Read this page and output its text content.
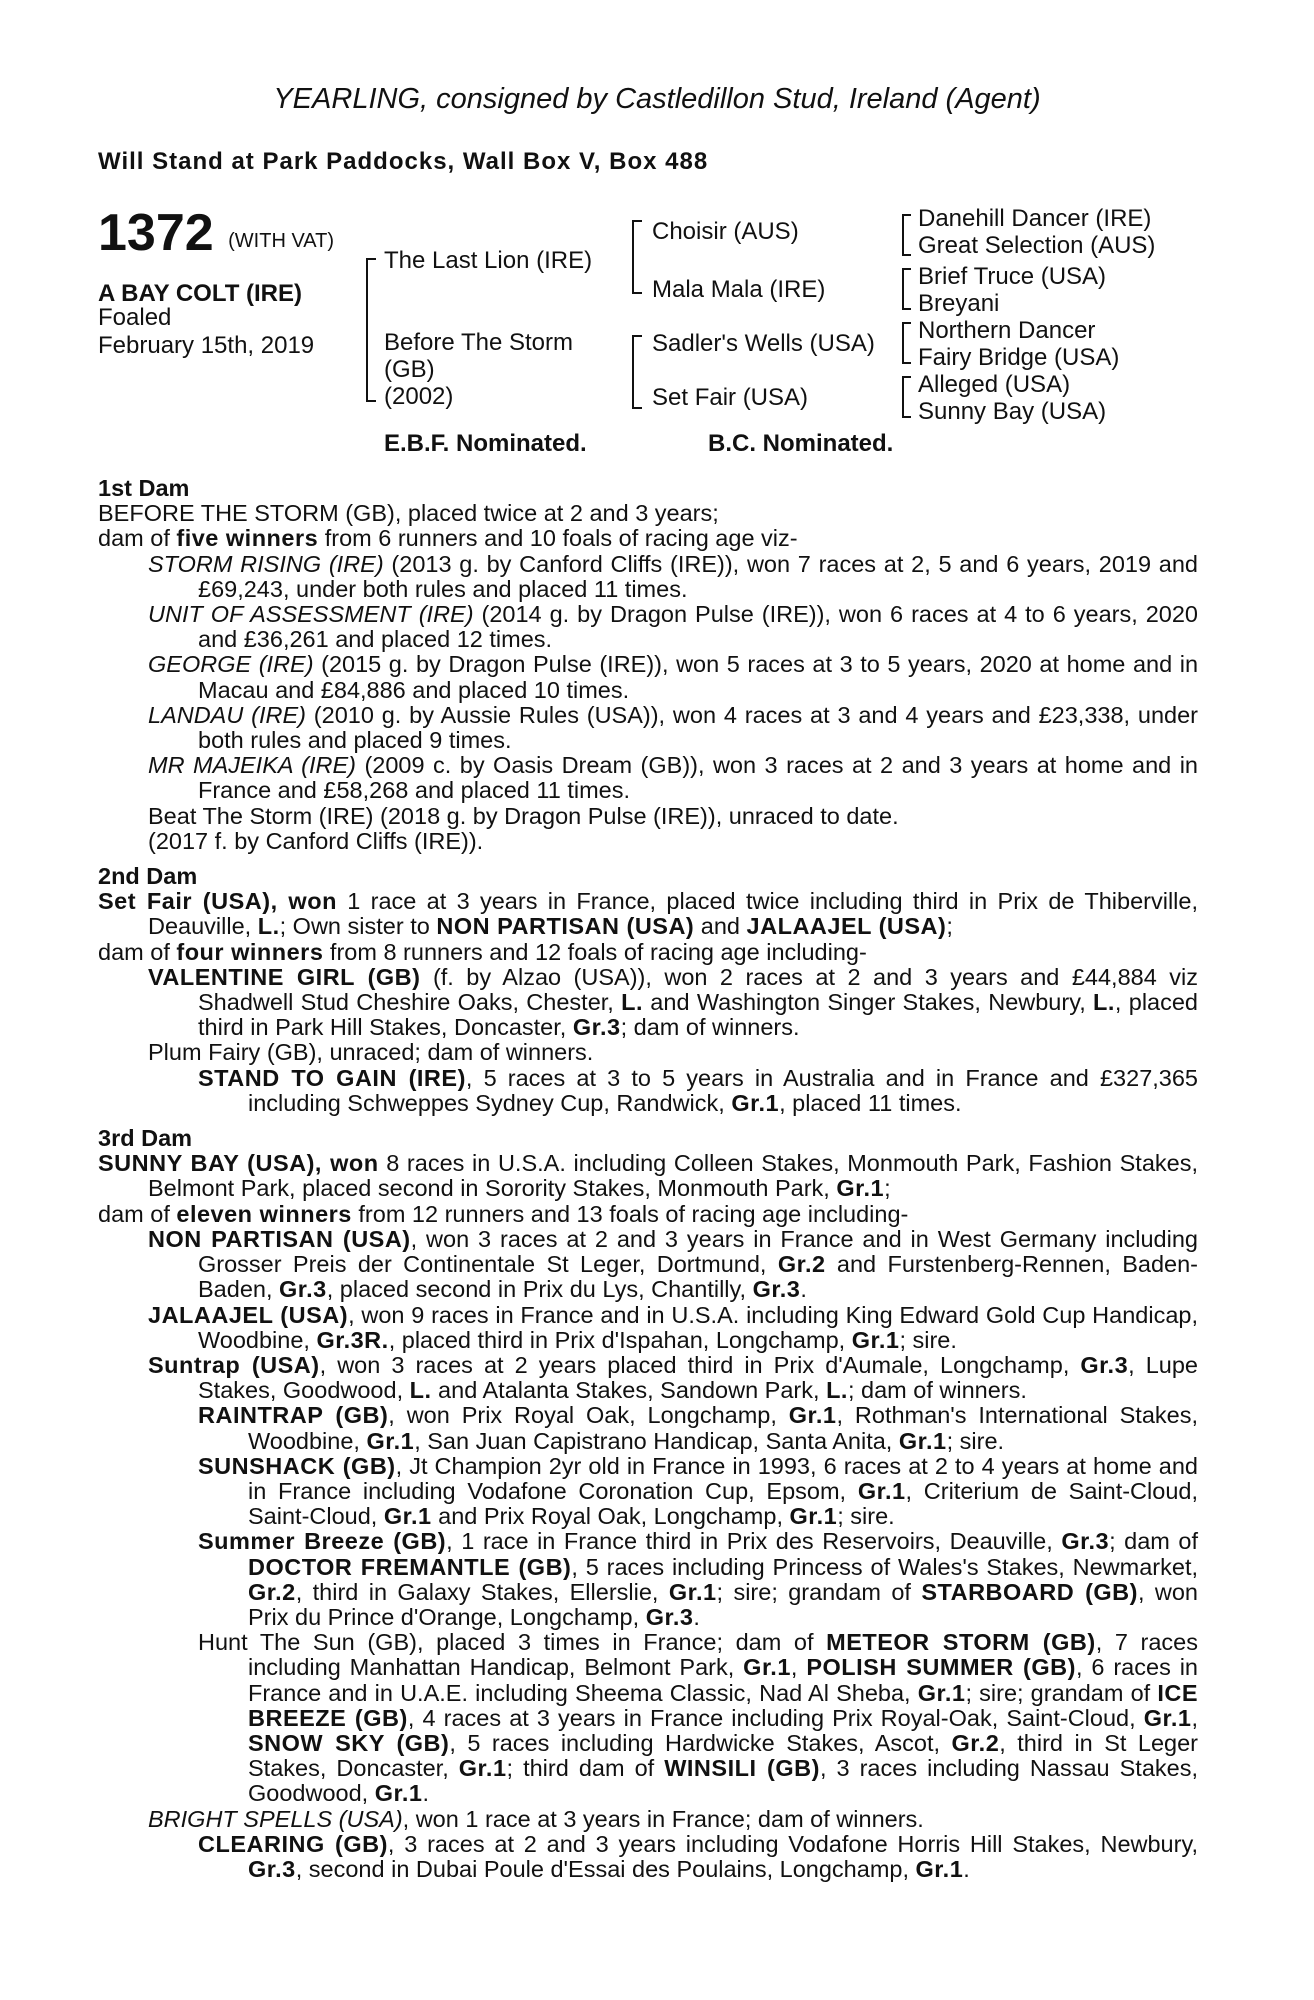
YEARLING, consigned by Castledillon Stud, Ireland (Agent)
Will Stand at Park Paddocks, Wall Box V, Box 488
1372 (WITH VAT)
A BAY COLT (IRE)
Foaled
February 15th, 2019
The Last Lion (IRE)
Before The Storm
(GB)
(2002)
Choisir (AUS)
Mala Mala (IRE)
Sadler's Wells (USA)
Set Fair (USA)
Danehill Dancer (IRE)
Great Selection (AUS)
Brief Truce (USA)
Breyani
Northern Dancer
Fairy Bridge (USA)
Alleged (USA)
Sunny Bay (USA)
E.B.F. Nominated.	B.C. Nominated.
1st Dam
BEFORE THE STORM (GB), placed twice at 2 and 3 years;
dam of five winners from 6 runners and 10 foals of racing age viz-
STORM RISING (IRE) (2013 g. by Canford Cliffs (IRE)), won 7 races at 2, 5 and 6 years, 2019 and £69,243, under both rules and placed 11 times.
UNIT OF ASSESSMENT (IRE) (2014 g. by Dragon Pulse (IRE)), won 6 races at 4 to 6 years, 2020 and £36,261 and placed 12 times.
GEORGE (IRE) (2015 g. by Dragon Pulse (IRE)), won 5 races at 3 to 5 years, 2020 at home and in Macau and £84,886 and placed 10 times.
LANDAU (IRE) (2010 g. by Aussie Rules (USA)), won 4 races at 3 and 4 years and £23,338, under both rules and placed 9 times.
MR MAJEIKA (IRE) (2009 c. by Oasis Dream (GB)), won 3 races at 2 and 3 years at home and in France and £58,268 and placed 11 times.
Beat The Storm (IRE) (2018 g. by Dragon Pulse (IRE)), unraced to date.
(2017 f. by Canford Cliffs (IRE)).
2nd Dam
Set Fair (USA), won 1 race at 3 years in France, placed twice including third in Prix de Thiberville, Deauville, L.; Own sister to NON PARTISAN (USA) and JALAAJEL (USA);
dam of four winners from 8 runners and 12 foals of racing age including-
VALENTINE GIRL (GB) (f. by Alzao (USA)), won 2 races at 2 and 3 years and £44,884 viz Shadwell Stud Cheshire Oaks, Chester, L. and Washington Singer Stakes, Newbury, L., placed third in Park Hill Stakes, Doncaster, Gr.3; dam of winners.
Plum Fairy (GB), unraced; dam of winners.
STAND TO GAIN (IRE), 5 races at 3 to 5 years in Australia and in France and £327,365 including Schweppes Sydney Cup, Randwick, Gr.1, placed 11 times.
3rd Dam
SUNNY BAY (USA), won 8 races in U.S.A. including Colleen Stakes, Monmouth Park, Fashion Stakes, Belmont Park, placed second in Sorority Stakes, Monmouth Park, Gr.1;
dam of eleven winners from 12 runners and 13 foals of racing age including-
NON PARTISAN (USA), won 3 races at 2 and 3 years in France and in West Germany including Grosser Preis der Continentale St Leger, Dortmund, Gr.2 and Furstenberg-Rennen, Baden-Baden, Gr.3, placed second in Prix du Lys, Chantilly, Gr.3.
JALAAJEL (USA), won 9 races in France and in U.S.A. including King Edward Gold Cup Handicap, Woodbine, Gr.3R., placed third in Prix d'Ispahan, Longchamp, Gr.1; sire.
Suntrap (USA), won 3 races at 2 years placed third in Prix d'Aumale, Longchamp, Gr.3, Lupe Stakes, Goodwood, L. and Atalanta Stakes, Sandown Park, L.; dam of winners.
RAINTRAP (GB), won Prix Royal Oak, Longchamp, Gr.1, Rothman's International Stakes, Woodbine, Gr.1, San Juan Capistrano Handicap, Santa Anita, Gr.1; sire.
SUNSHACK (GB), Jt Champion 2yr old in France in 1993, 6 races at 2 to 4 years at home and in France including Vodafone Coronation Cup, Epsom, Gr.1, Criterium de Saint-Cloud, Saint-Cloud, Gr.1 and Prix Royal Oak, Longchamp, Gr.1; sire.
Summer Breeze (GB), 1 race in France third in Prix des Reservoirs, Deauville, Gr.3; dam of DOCTOR FREMANTLE (GB), 5 races including Princess of Wales's Stakes, Newmarket, Gr.2, third in Galaxy Stakes, Ellerslie, Gr.1; sire; grandam of STARBOARD (GB), won Prix du Prince d'Orange, Longchamp, Gr.3.
Hunt The Sun (GB), placed 3 times in France; dam of METEOR STORM (GB), 7 races including Manhattan Handicap, Belmont Park, Gr.1, POLISH SUMMER (GB), 6 races in France and in U.A.E. including Sheema Classic, Nad Al Sheba, Gr.1; sire; grandam of ICE BREEZE (GB), 4 races at 3 years in France including Prix Royal-Oak, Saint-Cloud, Gr.1, SNOW SKY (GB), 5 races including Hardwicke Stakes, Ascot, Gr.2, third in St Leger Stakes, Doncaster, Gr.1; third dam of WINSILI (GB), 3 races including Nassau Stakes, Goodwood, Gr.1.
BRIGHT SPELLS (USA), won 1 race at 3 years in France; dam of winners.
CLEARING (GB), 3 races at 2 and 3 years including Vodafone Horris Hill Stakes, Newbury, Gr.3, second in Dubai Poule d'Essai des Poulains, Longchamp, Gr.1.
